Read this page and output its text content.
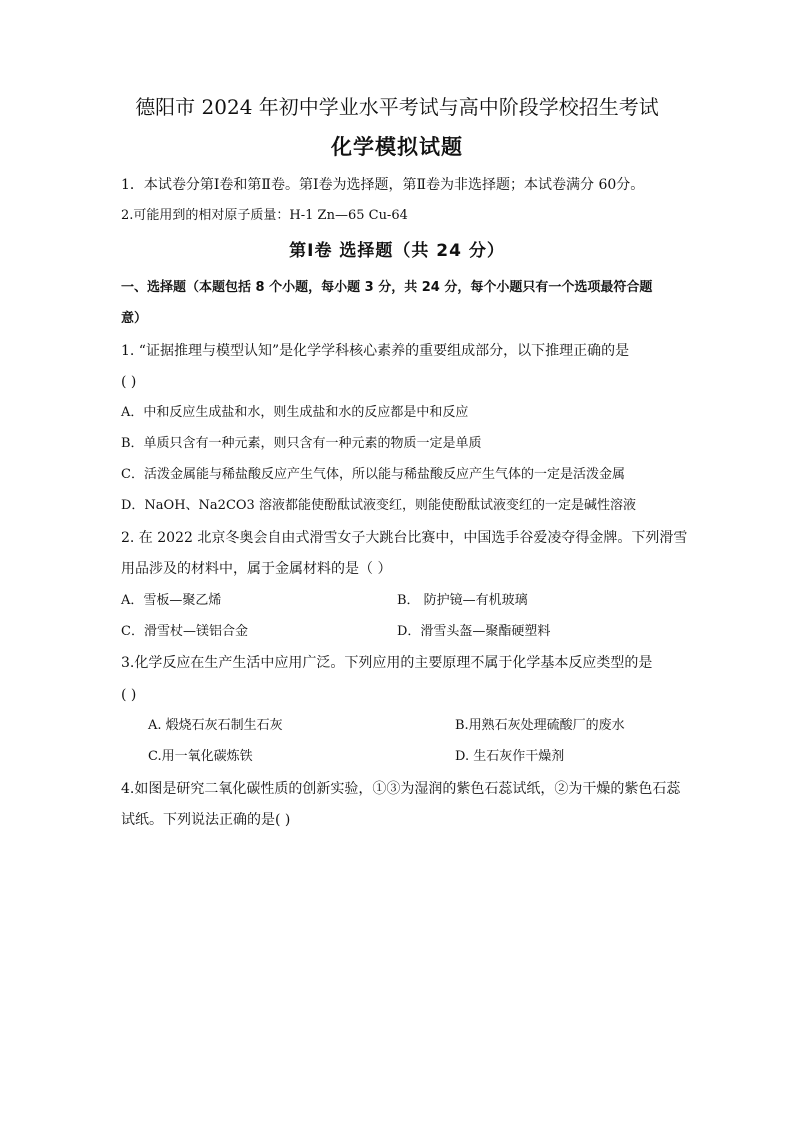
德阳市 2024 年初中学业水平考试与高中阶段学校招生考试
化学模拟试题
1．本试卷分第Ⅰ卷和第Ⅱ卷。第Ⅰ卷为选择题，第Ⅱ卷为非选择题；本试卷满分 60分。
2.可能用到的相对原子质量：H-1 Zn—65 Cu-64
第Ⅰ卷 选择题（共 24 分）
一、选择题（本题包括 8 个小题，每小题 3 分，共 24 分，每个小题只有一个选项最符合题
意）
1. “证据推理与模型认知”是化学学科核心素养的重要组成部分，以下推理正确的是
( )
A．中和反应生成盐和水，则生成盐和水的反应都是中和反应
B．单质只含有一种元素，则只含有一种元素的物质一定是单质
C．活泼金属能与稀盐酸反应产生气体，所以能与稀盐酸反应产生气体的一定是活泼金属
D．NaOH、Na2CO3 溶液都能使酚酞试液变红，则能使酚酞试液变红的一定是碱性溶液
2. 在 2022 北京冬奥会自由式滑雪女子大跳台比赛中，中国选手谷爱凌夺得金牌。下列滑雪
用品涉及的材料中，属于金属材料的是（ ）
A．雪板—聚乙烯	B． 防护镜—有机玻璃
C．滑雪杖—镁铝合金	D．滑雪头盔—聚酯硬塑料
3.化学反应在生产生活中应用广泛。下列应用的主要原理不属于化学基本反应类型的是
( )
A. 煅烧石灰石制生石灰	B.用熟石灰处理硫酸厂的废水
C.用一氧化碳炼铁	D. 生石灰作干燥剂
4.如图是研究二氧化碳性质的创新实验，①③为湿润的紫色石蕊试纸，②为干燥的紫色石蕊
试纸。下列说法正确的是( )
